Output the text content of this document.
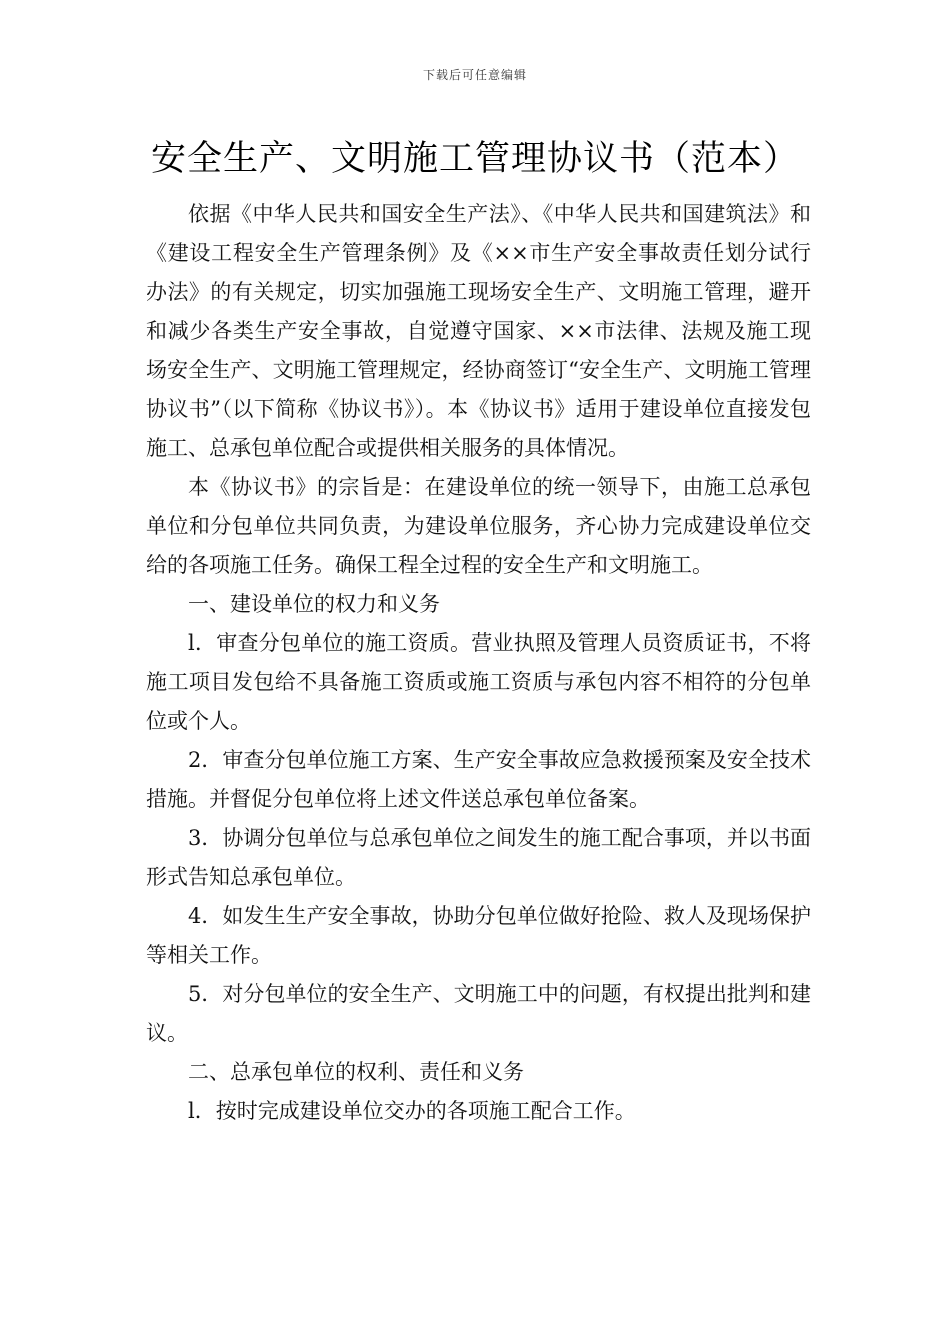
下载后可任意编辑
安全生产、文明施工管理协议书（范本）

依据《中华人民共和国安全生产法》、《中华人民共和国建筑法》和《建设工程安全生产管理条例》及《××市生产安全事故责任划分试行办法》的有关规定，切实加强施工现场安全生产、文明施工管理，避开和减少各类生产安全事故，自觉遵守国家、××市法律、法规及施工现场安全生产、文明施工管理规定，经协商签订“安全生产、文明施工管理协议书”（以下简称《协议书》）。本《协议书》适用于建设单位直接发包施工、总承包单位配合或提供相关服务的具体情况。

本《协议书》的宗旨是：在建设单位的统一领导下，由施工总承包单位和分包单位共同负责，为建设单位服务，齐心协力完成建设单位交给的各项施工任务。确保工程全过程的安全生产和文明施工。

一、建设单位的权力和义务

l．审查分包单位的施工资质。营业执照及管理人员资质证书，不将施工项目发包给不具备施工资质或施工资质与承包内容不相符的分包单位或个人。

2．审查分包单位施工方案、生产安全事故应急救援预案及安全技术措施。并督促分包单位将上述文件送总承包单位备案。

3．协调分包单位与总承包单位之间发生的施工配合事项，并以书面形式告知总承包单位。

4．如发生生产安全事故，协助分包单位做好抢险、救人及现场保护等相关工作。

5．对分包单位的安全生产、文明施工中的问题，有权提出批判和建议。

二、总承包单位的权利、责任和义务

l．按时完成建设单位交办的各项施工配合工作。
